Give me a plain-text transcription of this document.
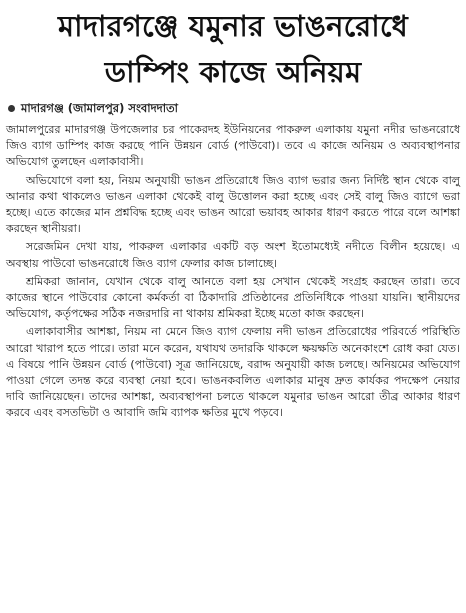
মাদারগঞ্জে যমুনার ভাঙনরোধে
ডাম্পিং কাজে অনিয়ম
মাদারগঞ্জ (জামালপুর) সংবাদদাতা

জামালপুরের মাদারগঞ্জ উপজেলার চর পাকেরদহ ইউনিয়নের পাকরুল এলাকায় যমুনা নদীর ভাঙনরোধে জিও ব্যাগ ডাম্পিং কাজ করছে পানি উন্নয়ন বোর্ড (পাউবো)। তবে এ কাজে অনিয়ম ও অব্যবস্থাপনার অভিযোগ তুলছেন এলাকাবাসী।

অভিযোগে বলা হয়, নিয়ম অনুযায়ী ভাঙন প্রতিরোধে জিও ব্যাগ ভরার জন্য নির্দিষ্ট স্থান থেকে বালু আনার কথা থাকলেও ভাঙন এলাকা থেকেই বালু উত্তোলন করা হচ্ছে এবং সেই বালু জিও ব্যাগে ভরা হচ্ছে। এতে কাজের মান প্রশ্নবিদ্ধ হচ্ছে এবং ভাঙন আরো ভয়াবহ আকার ধারণ করতে পারে বলে আশঙ্কা করছেন স্থানীয়রা।

সরেজমিন দেখা যায়, পাকরুল এলাকার একটি বড় অংশ ইতোমধ্যেই নদীতে বিলীন হয়েছে। এ অবস্থায় পাউবো ভাঙনরোধে জিও ব্যাগ ফেলার কাজ চালাচ্ছে।

শ্রমিকরা জানান, যেখান থেকে বালু আনতে বলা হয় সেখান থেকেই সংগ্রহ করছেন তারা। তবে কাজের স্থানে পাউবোর কোনো কর্মকর্তা বা ঠিকাদারি প্রতিষ্ঠানের প্রতিনিধিকে পাওয়া যায়নি। স্থানীয়দের অভিযোগ, কর্তৃপক্ষের সঠিক নজরদারি না থাকায় শ্রমিকরা ইচ্ছে মতো কাজ করছেন।

এলাকাবাসীর আশঙ্কা, নিয়ম না মেনে জিও ব্যাগ ফেলায় নদী ভাঙন প্রতিরোধের পরিবর্তে পরিস্থিতি আরো খারাপ হতে পারে। তারা মনে করেন, যথাযথ তদারকি থাকলে ক্ষয়ক্ষতি অনেকাংশে রোধ করা যেত। এ বিষয়ে পানি উন্নয়ন বোর্ড (পাউবো) সূত্র জানিয়েছে, বরাদ্দ অনুযায়ী কাজ চলছে। অনিয়মের অভিযোগ পাওয়া গেলে তদন্ত করে ব্যবস্থা নেয়া হবে। ভাঙনকবলিত এলাকার মানুষ দ্রুত কার্যকর পদক্ষেপ নেয়ার দাবি জানিয়েছেন। তাদের আশঙ্কা, অব্যবস্থাপনা চলতে থাকলে যমুনার ভাঙন আরো তীব্র আকার ধারণ করবে এবং বসতভিটা ও আবাদি জমি ব্যাপক ক্ষতির মুখে পড়বে।
